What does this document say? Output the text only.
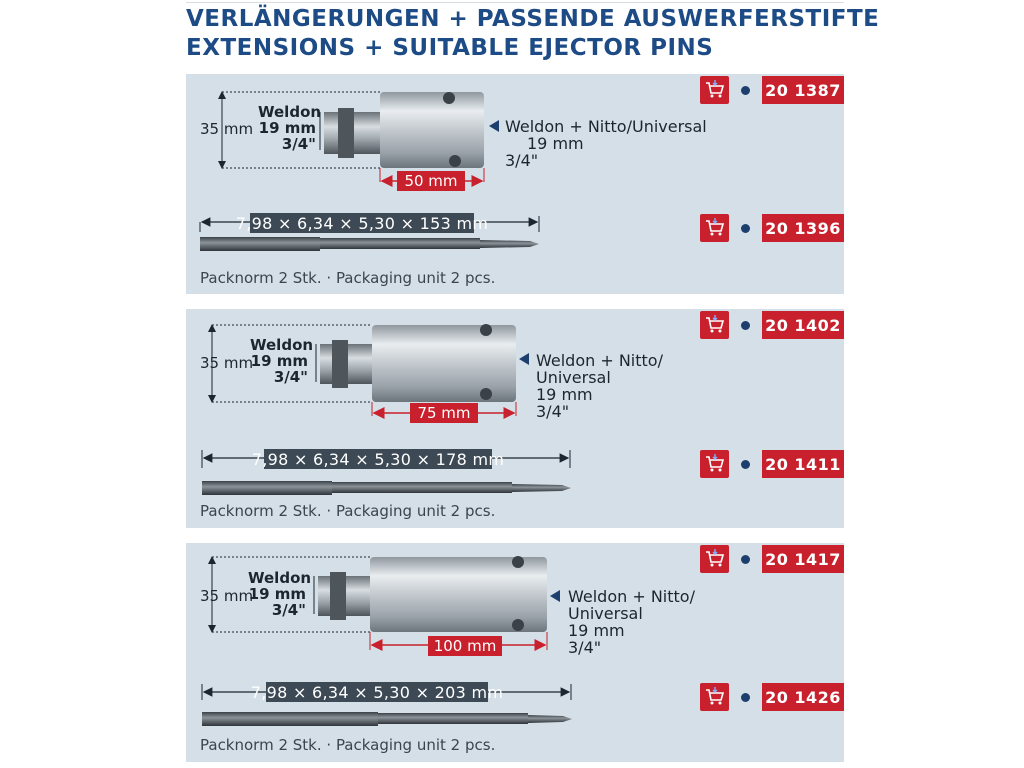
VERLÄNGERUNGEN + PASSENDE AUSWERFERSTIFTE
EXTENSIONS + SUITABLE EJECTOR PINS
35 mm
Weldon
19 mm
3/4"
50 mm
Weldon + Nitto/Universal
19 mm
3/4"
7,98 × 6,34 × 5,30 × 153 mm
Packnorm 2 Stk. · Packaging unit 2 pcs.
20 1387
20 1396
35 mm
Weldon
19 mm
3/4"
75 mm
Weldon + Nitto/
Universal
19 mm
3/4"
7,98 × 6,34 × 5,30 × 178 mm
Packnorm 2 Stk. · Packaging unit 2 pcs.
20 1402
20 1411
35 mm
Weldon
19 mm
3/4"
100 mm
Weldon + Nitto/
Universal
19 mm
3/4"
7,98 × 6,34 × 5,30 × 203 mm
Packnorm 2 Stk. · Packaging unit 2 pcs.
20 1417
20 1426
